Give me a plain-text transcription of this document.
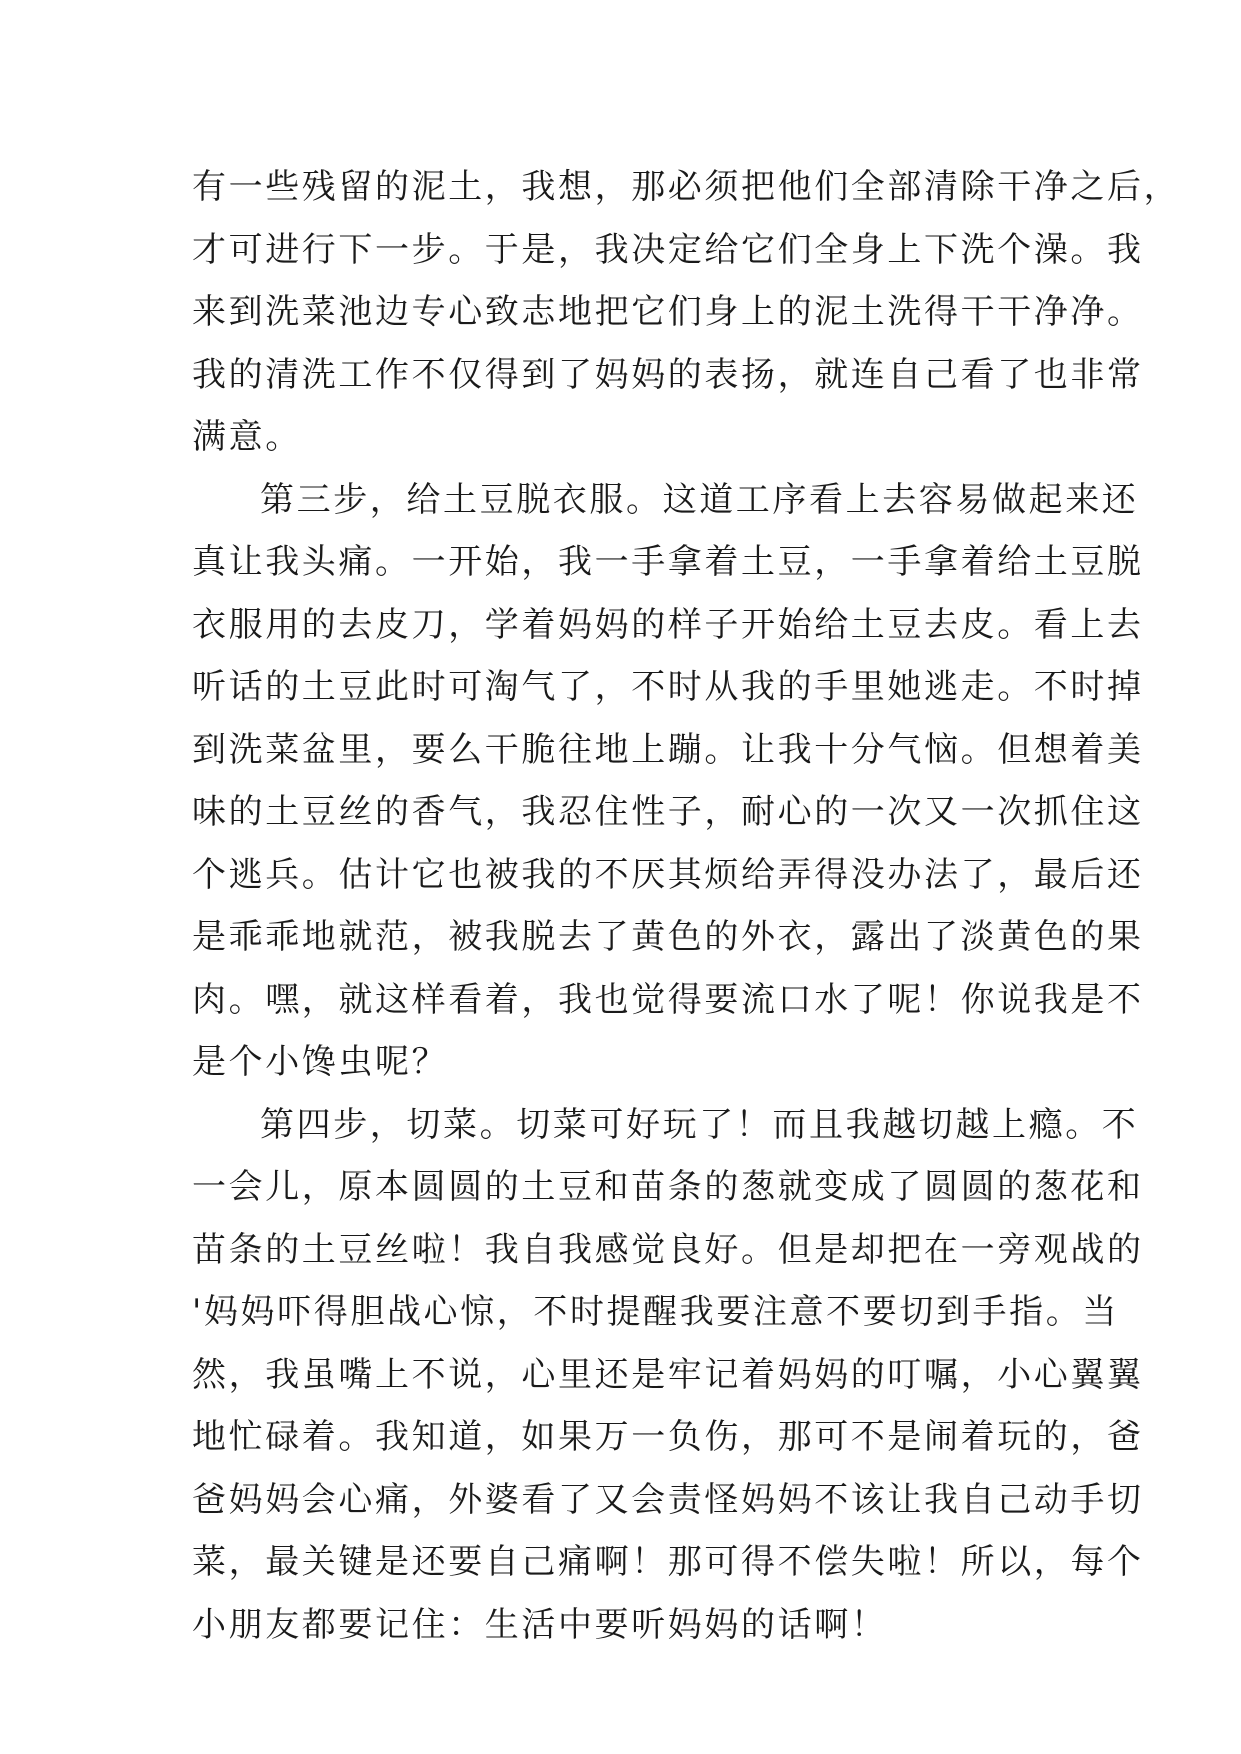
有一些残留的泥土，我想，那必须把他们全部清除干净之后，
才可进行下一步。于是，我决定给它们全身上下洗个澡。我
来到洗菜池边专心致志地把它们身上的泥土洗得干干净净。
我的清洗工作不仅得到了妈妈的表扬，就连自己看了也非常
满意。
第三步，给土豆脱衣服。这道工序看上去容易做起来还
真让我头痛。一开始，我一手拿着土豆，一手拿着给土豆脱
衣服用的去皮刀，学着妈妈的样子开始给土豆去皮。看上去
听话的土豆此时可淘气了，不时从我的手里她逃走。不时掉
到洗菜盆里，要么干脆往地上蹦。让我十分气恼。但想着美
味的土豆丝的香气，我忍住性子，耐心的一次又一次抓住这
个逃兵。估计它也被我的不厌其烦给弄得没办法了，最后还
是乖乖地就范，被我脱去了黄色的外衣，露出了淡黄色的果
肉。嘿，就这样看着，我也觉得要流口水了呢！你说我是不
是个小馋虫呢？
第四步，切菜。切菜可好玩了！而且我越切越上瘾。不
一会儿，原本圆圆的土豆和苗条的葱就变成了圆圆的葱花和
苗条的土豆丝啦！我自我感觉良好。但是却把在一旁观战的
'妈妈吓得胆战心惊，不时提醒我要注意不要切到手指。当
然，我虽嘴上不说，心里还是牢记着妈妈的叮嘱，小心翼翼
地忙碌着。我知道，如果万一负伤，那可不是闹着玩的，爸
爸妈妈会心痛，外婆看了又会责怪妈妈不该让我自己动手切
菜，最关键是还要自己痛啊！那可得不偿失啦！所以，每个
小朋友都要记住：生活中要听妈妈的话啊！
